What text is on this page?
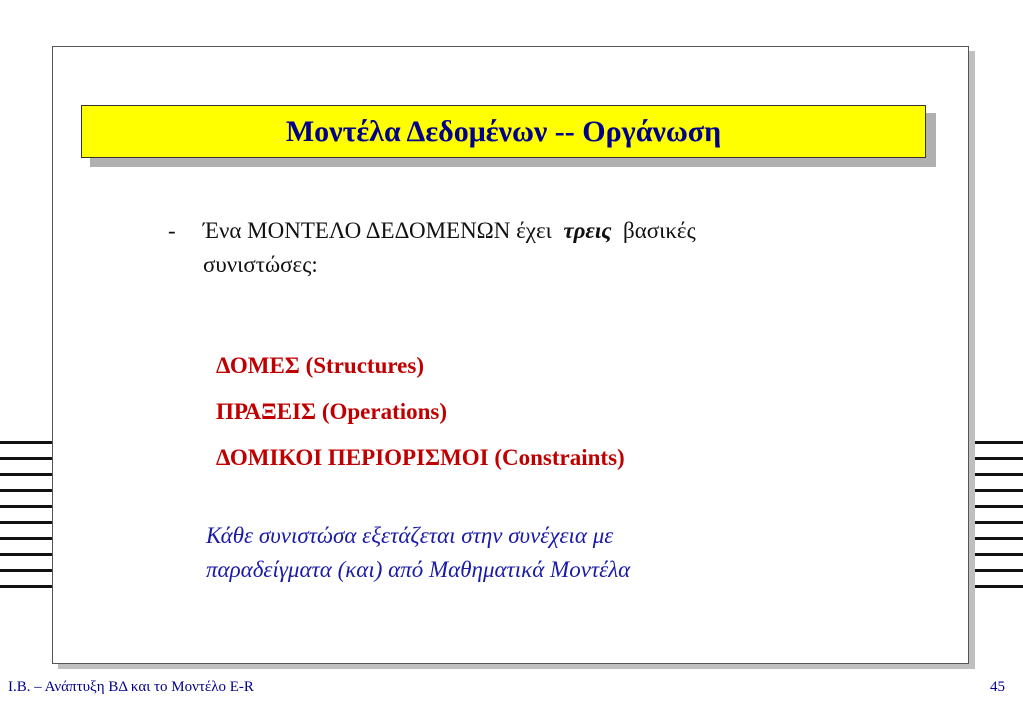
Μοντέλα Δεδομένων -- Οργάνωση
- Ένα ΜΟΝΤΕΛΟ ΔΕΔΟΜΕΝΩΝ έχει τρεις βασικές
συνιστώσες:
ΔΟΜΕΣ (Structures)
ΠΡΑΞΕΙΣ (Operations)
ΔΟΜΙΚΟΙ ΠΕΡΙΟΡΙΣΜΟΙ (Constraints)
Κάθε συνιστώσα εξετάζεται στην συνέχεια με
παραδείγματα (και) από Μαθηματικά Μοντέλα
Ι.Β. – Ανάπτυξη ΒΔ και το Μοντέλο E-R	45
